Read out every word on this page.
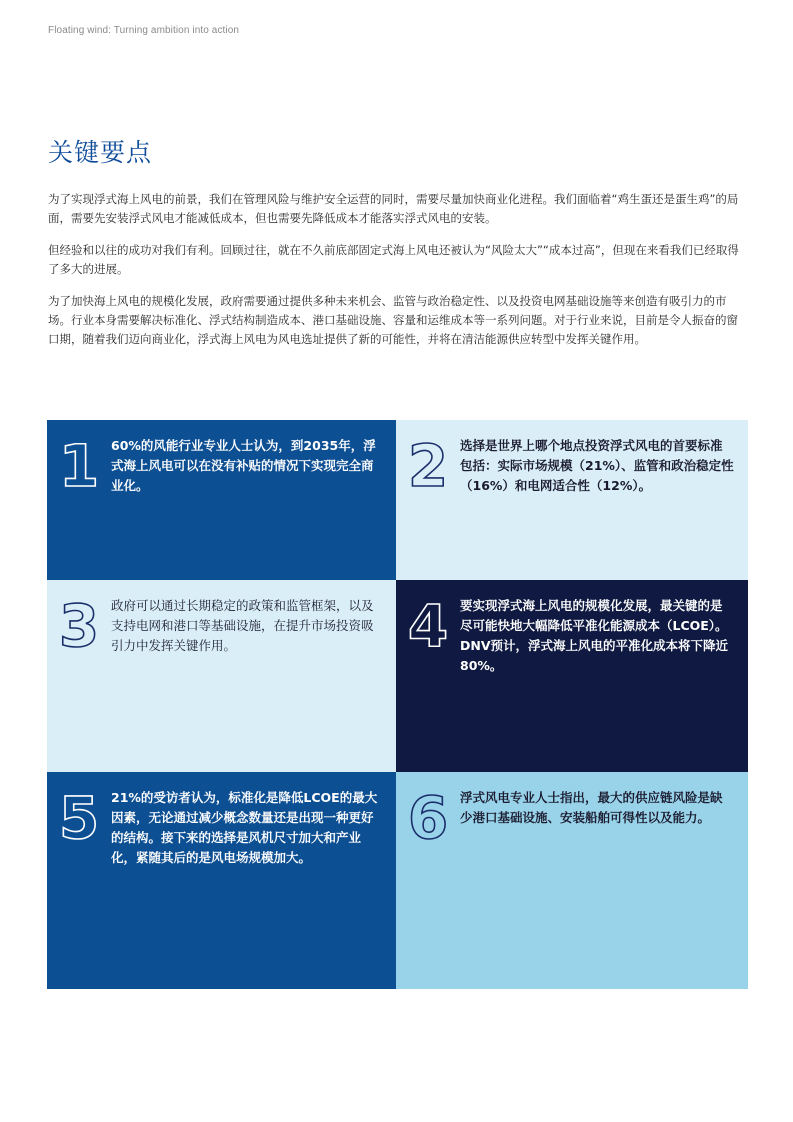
Floating wind: Turning ambition into action
关键要点

为了实现浮式海上风电的前景，我们在管理风险与维护安全运营的同时，需要尽量加快商业化进程。我们面临着“鸡生蛋还是蛋生鸡”的局面，需要先安装浮式风电才能减低成本，但也需要先降低成本才能落实浮式风电的安装。

但经验和以往的成功对我们有利。回顾过往，就在不久前底部固定式海上风电还被认为“风险太大”“成本过高”，但现在来看我们已经取得了多大的进展。

为了加快海上风电的规模化发展，政府需要通过提供多种未来机会、监管与政治稳定性、以及投资电网基础设施等来创造有吸引力的市场。行业本身需要解决标准化、浮式结构制造成本、港口基础设施、容量和运维成本等一系列问题。对于行业来说，目前是令人振奋的窗口期，随着我们迈向商业化，浮式海上风电为风电选址提供了新的可能性，并将在清洁能源供应转型中发挥关键作用。

1 60%的风能行业专业人士认为，到2035年，浮式海上风电可以在没有补贴的情况下实现完全商业化。	2 选择是世界上哪个地点投资浮式风电的首要标准包括：实际市场规模（21%）、监管和政治稳定性（16%）和电网适合性（12%）。
3 政府可以通过长期稳定的政策和监管框架，以及支持电网和港口等基础设施，在提升市场投资吸引力中发挥关键作用。	4 要实现浮式海上风电的规模化发展，最关键的是尽可能快地大幅降低平准化能源成本（LCOE）。DNV预计，浮式海上风电的平准化成本将下降近80%。
5 21%的受访者认为，标准化是降低LCOE的最大因素，无论通过减少概念数量还是出现一种更好的结构。接下来的选择是风机尺寸加大和产业化，紧随其后的是风电场规模加大。
6 浮式风电专业人士指出，最大的供应链风险是缺少港口基础设施、安装船舶可得性以及能力。
